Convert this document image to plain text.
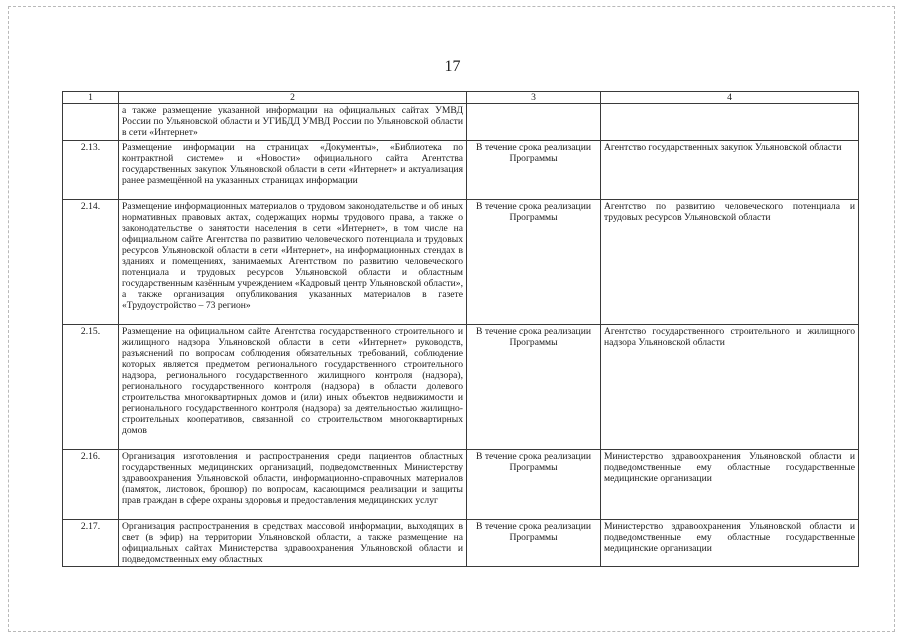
17
1	2	3	4
	а также размещение указанной информации на официальных сайтах УМВД России по Ульяновской области и УГИБДД УМВД России по Ульяновской области в сети «Интернет»		
2.13.	Размещение информации на страницах «Документы», «Библиотека по контрактной системе» и «Новости» официального сайта Агентства государственных закупок Ульяновской области в сети «Интернет» и актуализация ранее размещённой на указанных страницах информации	В течение срока реализации Программы	Агентство государственных закупок Ульяновской области
2.14.	Размещение информационных материалов о трудовом законодательстве и об иных нормативных правовых актах, содержащих нормы трудового права, а также о законодательстве о занятости населения в сети «Интернет», в том числе на официальном сайте Агентства по развитию человеческого потенциала и трудовых ресурсов Ульяновской области в сети «Интернет», на информационных стендах в зданиях и помещениях, занимаемых Агентством по развитию человеческого потенциала и трудовых ресурсов Ульяновской области и областным государственным казённым учреждением «Кадровый центр Ульяновской области», а также организация опубликования указанных материалов в газете «Трудоустройство – 73 регион»	В течение срока реализации Программы	Агентство по развитию человеческого потенциала и трудовых ресурсов Ульяновской области
2.15.	Размещение на официальном сайте Агентства государственного строительного и жилищного надзора Ульяновской области в сети «Интернет» руководств, разъяснений по вопросам соблюдения обязательных требований, соблюдение которых является предметом регионального государственного строительного надзора, регионального государственного жилищного контроля (надзора), регионального государственного контроля (надзора) в области долевого строительства многоквартирных домов и (или) иных объектов недвижимости и регионального государственного контроля (надзора) за деятельностью жилищно-строительных кооперативов, связанной со строительством многоквартирных домов	В течение срока реализации Программы	Агентство государственного строительного и жилищного надзора Ульяновской области
2.16.	Организация изготовления и распространения среди пациентов областных государственных медицинских организаций, подведомственных Министерству здравоохранения Ульяновской области, информационно-справочных материалов (памяток, листовок, брошюр) по вопросам, касающимся реализации и защиты прав граждан в сфере охраны здоровья и предоставления медицинских услуг	В течение срока реализации Программы	Министерство здравоохранения Ульяновской области и подведомственные ему областные государственные медицинские организации
2.17.	Организация распространения в средствах массовой информации, выходящих в свет (в эфир) на территории Ульяновской области, а также размещение на официальных сайтах Министерства здравоохранения Ульяновской области и подведомственных ему областных	В течение срока реализации Программы	Министерство здравоохранения Ульяновской области и подведомственные ему областные государственные медицинские организации
